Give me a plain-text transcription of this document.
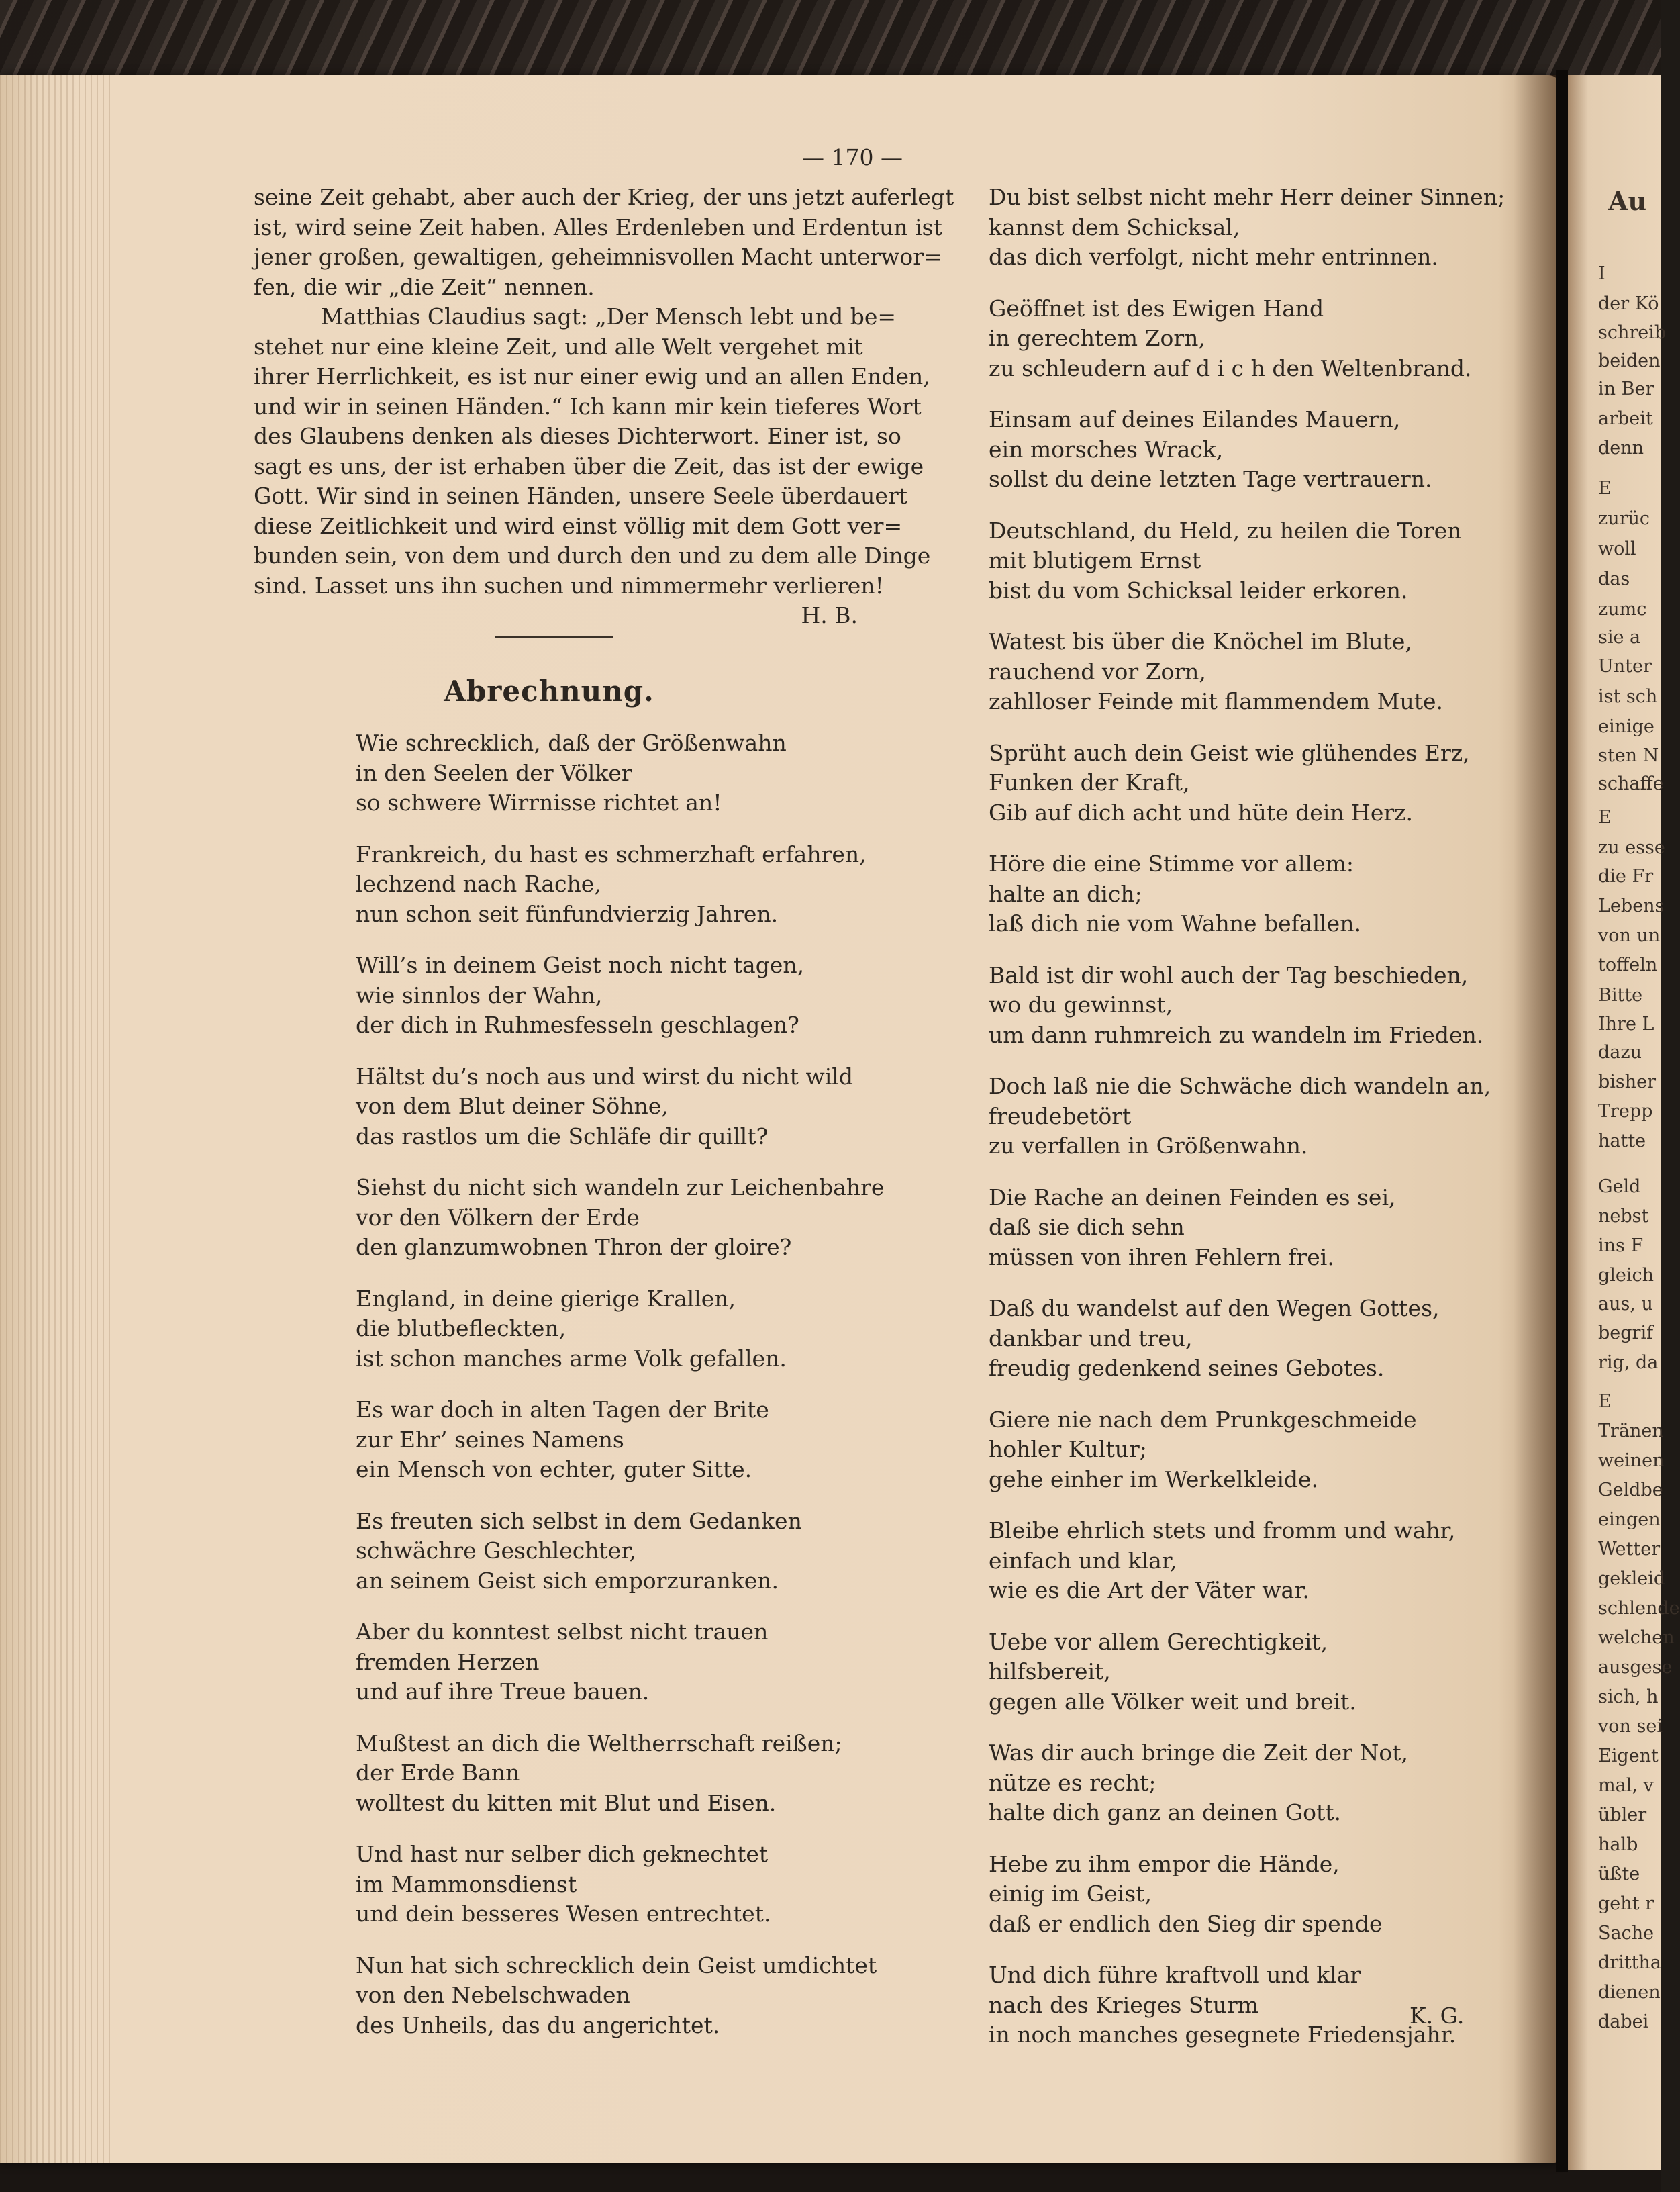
Au
I
der Kö
schreib
beiden
in Ber
arbeit
denn
E
zurüc
woll
das
zumc
sie a
Unter
ist sch
einige
sten N
schaffe
E
zu esse
die Fr
Lebens
von un
toffeln
Bitte
Ihre L
dazu
bisher
Trepp
hatte
Geld
nebst
ins F
gleich
aus, u
begrif
rig, da
E
Tränen
weinen
Geldbe
eingen
Wetter
gekleid
schlende
welchen
ausgese
sich, h
von sei
Eigent
mal, v
übler
halb
üßte
geht r
Sache
drittha
dienen
dabei
— 170 —

seine Zeit gehabt, aber auch der Krieg, der uns jetzt auferlegt
ist, wird seine Zeit haben. Alles Erdenleben und Erdentun ist
jener großen, gewaltigen, geheimnisvollen Macht unterwor=
fen, die wir „die Zeit“ nennen.
Matthias Claudius sagt: „Der Mensch lebt und be=
stehet nur eine kleine Zeit, und alle Welt vergehet mit
ihrer Herrlichkeit, es ist nur einer ewig und an allen Enden,
und wir in seinen Händen.“ Ich kann mir kein tieferes Wort
des Glaubens denken als dieses Dichterwort. Einer ist, so
sagt es uns, der ist erhaben über die Zeit, das ist der ewige
Gott. Wir sind in seinen Händen, unsere Seele überdauert
diese Zeitlichkeit und wird einst völlig mit dem Gott ver=
bunden sein, von dem und durch den und zu dem alle Dinge
sind. Lasset uns ihn suchen und nimmermehr verlieren!
H. B.

Abrechnung.
Wie schrecklich, daß der Größenwahn
in den Seelen der Völker
so schwere Wirrnisse richtet an!
Frankreich, du hast es schmerzhaft erfahren,
lechzend nach Rache,
nun schon seit fünfundvierzig Jahren.
Will’s in deinem Geist noch nicht tagen,
wie sinnlos der Wahn,
der dich in Ruhmesfesseln geschlagen?
Hältst du’s noch aus und wirst du nicht wild
von dem Blut deiner Söhne,
das rastlos um die Schläfe dir quillt?
Siehst du nicht sich wandeln zur Leichenbahre
vor den Völkern der Erde
den glanzumwobnen Thron der gloire?
England, in deine gierige Krallen,
die blutbefleckten,
ist schon manches arme Volk gefallen.
Es war doch in alten Tagen der Brite
zur Ehr’ seines Namens
ein Mensch von echter, guter Sitte.
Es freuten sich selbst in dem Gedanken
schwächre Geschlechter,
an seinem Geist sich emporzuranken.
Aber du konntest selbst nicht trauen
fremden Herzen
und auf ihre Treue bauen.
Mußtest an dich die Weltherrschaft reißen;
der Erde Bann
wolltest du kitten mit Blut und Eisen.
Und hast nur selber dich geknechtet
im Mammonsdienst
und dein besseres Wesen entrechtet.
Nun hat sich schrecklich dein Geist umdichtet
von den Nebelschwaden
des Unheils, das du angerichtet.
Du bist selbst nicht mehr Herr deiner Sinnen;
kannst dem Schicksal,
das dich verfolgt, nicht mehr entrinnen.
Geöffnet ist des Ewigen Hand
in gerechtem Zorn,
zu schleudern auf d i c h den Weltenbrand.
Einsam auf deines Eilandes Mauern,
ein morsches Wrack,
sollst du deine letzten Tage vertrauern.
Deutschland, du Held, zu heilen die Toren
mit blutigem Ernst
bist du vom Schicksal leider erkoren.
Watest bis über die Knöchel im Blute,
rauchend vor Zorn,
zahlloser Feinde mit flammendem Mute.
Sprüht auch dein Geist wie glühendes Erz,
Funken der Kraft,
Gib auf dich acht und hüte dein Herz.
Höre die eine Stimme vor allem:
halte an dich;
laß dich nie vom Wahne befallen.
Bald ist dir wohl auch der Tag beschieden,
wo du gewinnst,
um dann ruhmreich zu wandeln im Frieden.
Doch laß nie die Schwäche dich wandeln an,
freudebetört
zu verfallen in Größenwahn.
Die Rache an deinen Feinden es sei,
daß sie dich sehn
müssen von ihren Fehlern frei.
Daß du wandelst auf den Wegen Gottes,
dankbar und treu,
freudig gedenkend seines Gebotes.
Giere nie nach dem Prunkgeschmeide
hohler Kultur;
gehe einher im Werkelkleide.
Bleibe ehrlich stets und fromm und wahr,
einfach und klar,
wie es die Art der Väter war.
Uebe vor allem Gerechtigkeit,
hilfsbereit,
gegen alle Völker weit und breit.
Was dir auch bringe die Zeit der Not,
nütze es recht;
halte dich ganz an deinen Gott.
Hebe zu ihm empor die Hände,
einig im Geist,
daß er endlich den Sieg dir spende
Und dich führe kraftvoll und klar
nach des Krieges Sturm
in noch manches gesegnete Friedensjahr.
K. G.
